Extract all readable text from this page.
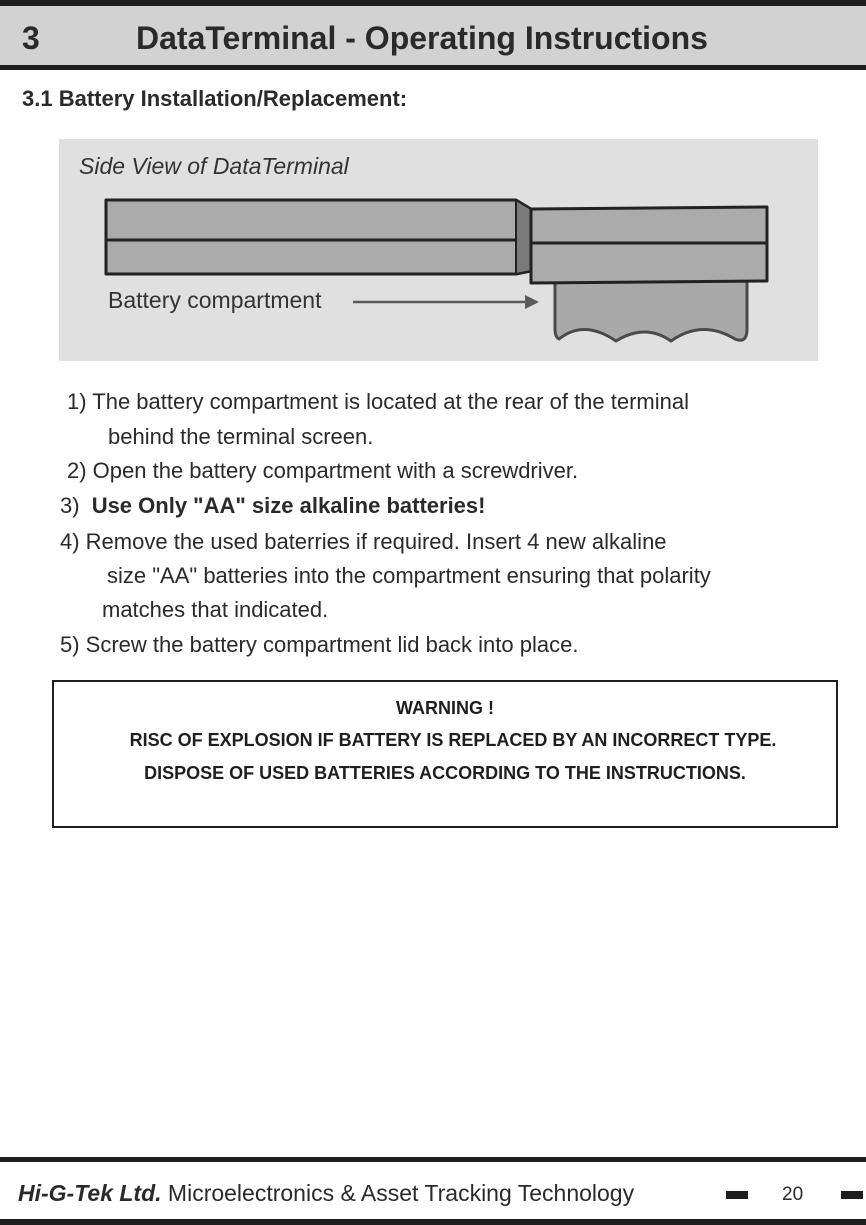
3	DataTerminal - Operating Instructions
3.1 Battery Installation/Replacement:
Side View of DataTerminal
Battery compartment
1) The battery compartment is located at the rear of the terminal
behind the terminal screen.
2) Open the battery compartment with a screwdriver.
3) Use Only "AA" size alkaline batteries!
4) Remove the used baterries if required. Insert 4 new alkaline
size "AA" batteries into the compartment ensuring that polarity
matches that indicated.
5) Screw the battery compartment lid back into place.
WARNING !
RISC OF EXPLOSION IF BATTERY IS REPLACED BY AN INCORRECT TYPE.
DISPOSE OF USED BATTERIES ACCORDING TO THE INSTRUCTIONS.
Hi-G-Tek Ltd. Microelectronics & Asset Tracking Technology	20
